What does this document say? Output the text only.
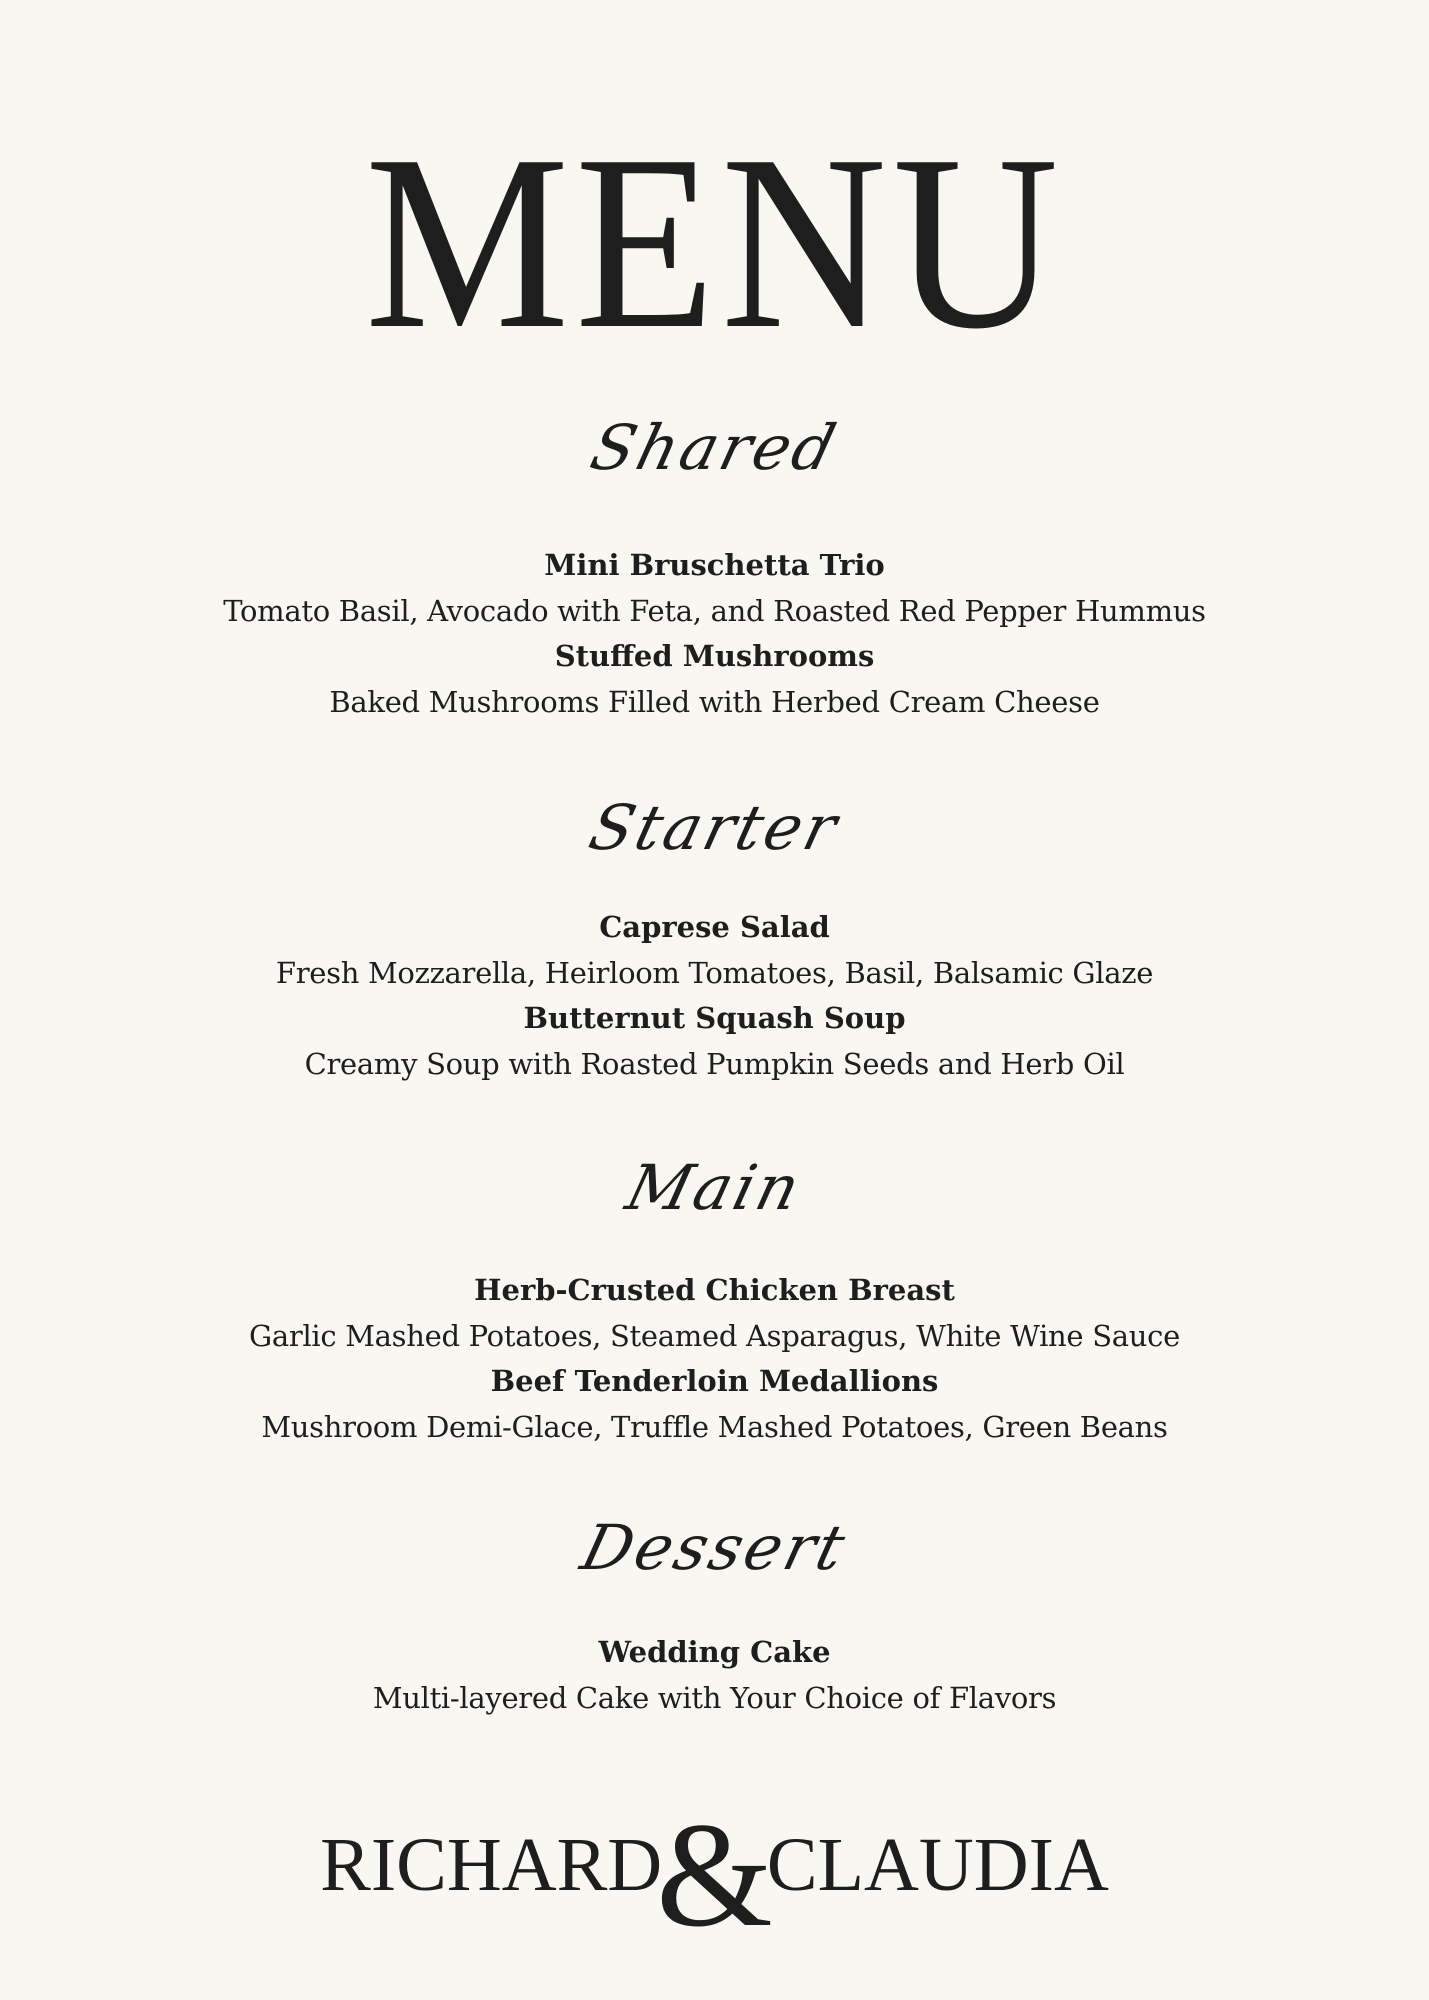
MENU
Shared
Mini Bruschetta Trio
Tomato Basil, Avocado with Feta, and Roasted Red Pepper Hummus
Stuffed Mushrooms
Baked Mushrooms Filled with Herbed Cream Cheese
Starter
Caprese Salad
Fresh Mozzarella, Heirloom Tomatoes, Basil, Balsamic Glaze
Butternut Squash Soup
Creamy Soup with Roasted Pumpkin Seeds and Herb Oil
Main
Herb-Crusted Chicken Breast
Garlic Mashed Potatoes, Steamed Asparagus, White Wine Sauce
Beef Tenderloin Medallions
Mushroom Demi-Glace, Truffle Mashed Potatoes, Green Beans
Dessert
Wedding Cake
Multi-layered Cake with Your Choice of Flavors
RICHARD
&
CLAUDIA
